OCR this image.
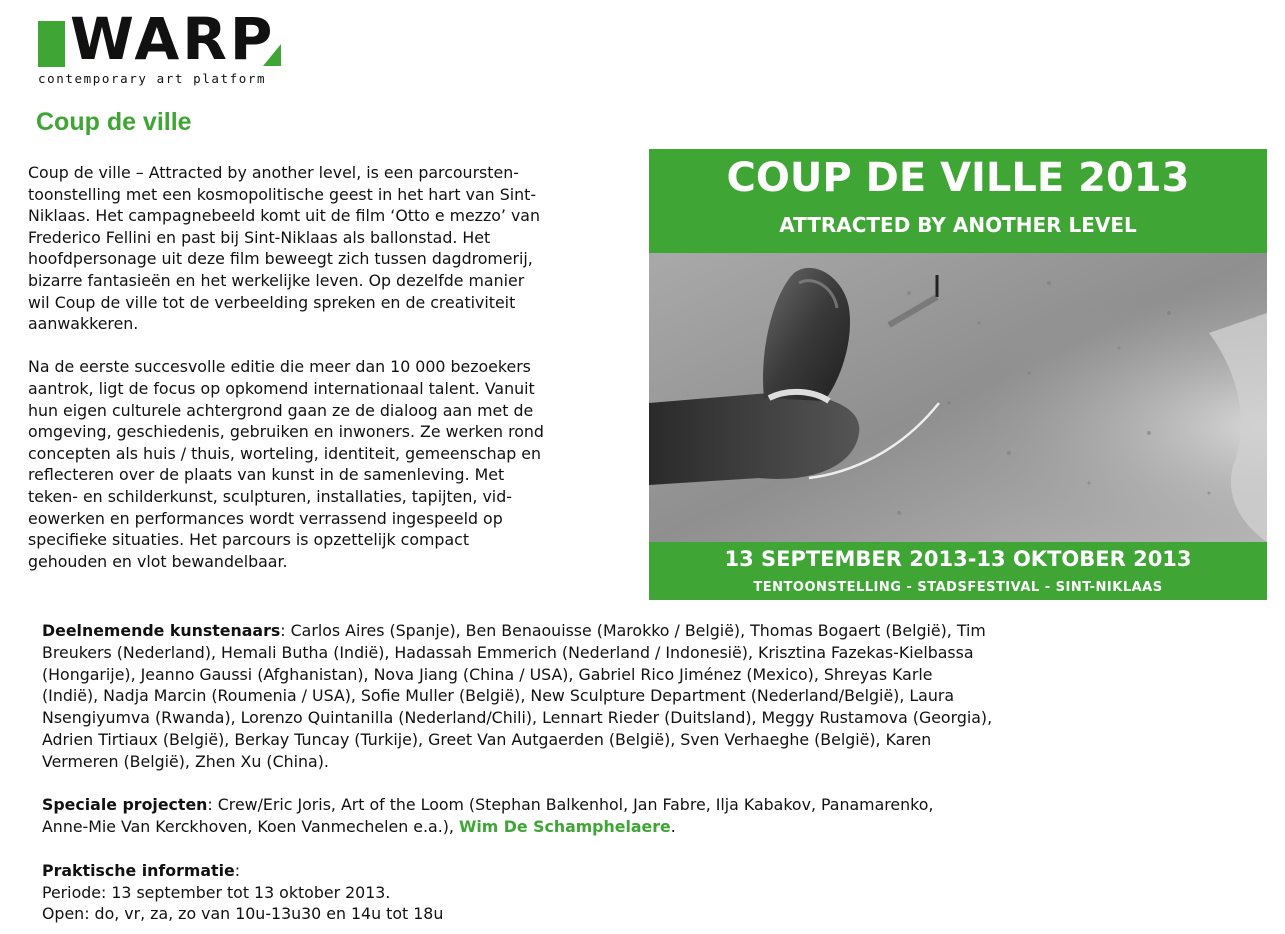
WARP
contemporary art platform
Coup de ville

Coup de ville – Attracted by another level, is een parcoursten-

toonstelling met een kosmopolitische geest in het hart van Sint-

Niklaas. Het campagnebeeld komt uit de film ‘Otto e mezzo’ van

Frederico Fellini en past bij Sint-Niklaas als ballonstad. Het

hoofdpersonage uit deze film beweegt zich tussen dagdromerij,

bizarre fantasieën en het werkelijke leven. Op dezelfde manier

wil Coup de ville tot de verbeelding spreken en de creativiteit

aanwakkeren.

Na de eerste succesvolle editie die meer dan 10 000 bezoekers

aantrok, ligt de focus op opkomend internationaal talent. Vanuit

hun eigen culturele achtergrond gaan ze de dialoog aan met de

omgeving, geschiedenis, gebruiken en inwoners. Ze werken rond

concepten als huis / thuis, worteling, identiteit, gemeenschap en

reflecteren over de plaats van kunst in de samenleving. Met

teken- en schilderkunst, sculpturen, installaties, tapijten, vid-

eowerken en performances wordt verrassend ingespeeld op

specifieke situaties. Het parcours is opzettelijk compact

gehouden en vlot bewandelbaar.

COUP DE VILLE 2013
ATTRACTED BY ANOTHER LEVEL
13 SEPTEMBER 2013-13 OKTOBER 2013
TENTOONSTELLING - STADSFESTIVAL - SINT-NIKLAAS
Deelnemende kunstenaars: Carlos Aires (Spanje), Ben Benaouisse (Marokko / België), Thomas Bogaert (België), Tim
Breukers (Nederland), Hemali Butha (Indië), Hadassah Emmerich (Nederland / Indonesië), Krisztina Fazekas-Kielbassa
(Hongarije), Jeanno Gaussi (Afghanistan), Nova Jiang (China / USA), Gabriel Rico Jiménez (Mexico), Shreyas Karle
(Indië), Nadja Marcin (Roumenia / USA), Sofie Muller (België), New Sculpture Department (Nederland/België), Laura
Nsengiyumva (Rwanda), Lorenzo Quintanilla (Nederland/Chili), Lennart Rieder (Duitsland), Meggy Rustamova (Georgia),
Adrien Tirtiaux (België), Berkay Tuncay (Turkije), Greet Van Autgaerden (België), Sven Verhaeghe (België), Karen
Vermeren (België), Zhen Xu (China).
Speciale projecten: Crew/Eric Joris, Art of the Loom (Stephan Balkenhol, Jan Fabre, Ilja Kabakov, Panamarenko,
Anne-Mie Van Kerckhoven, Koen Vanmechelen e.a.), Wim De Schamphelaere.
Praktische informatie:
Periode: 13 september tot 13 oktober 2013.
Open: do, vr, za, zo van 10u-13u30 en 14u tot 18u
